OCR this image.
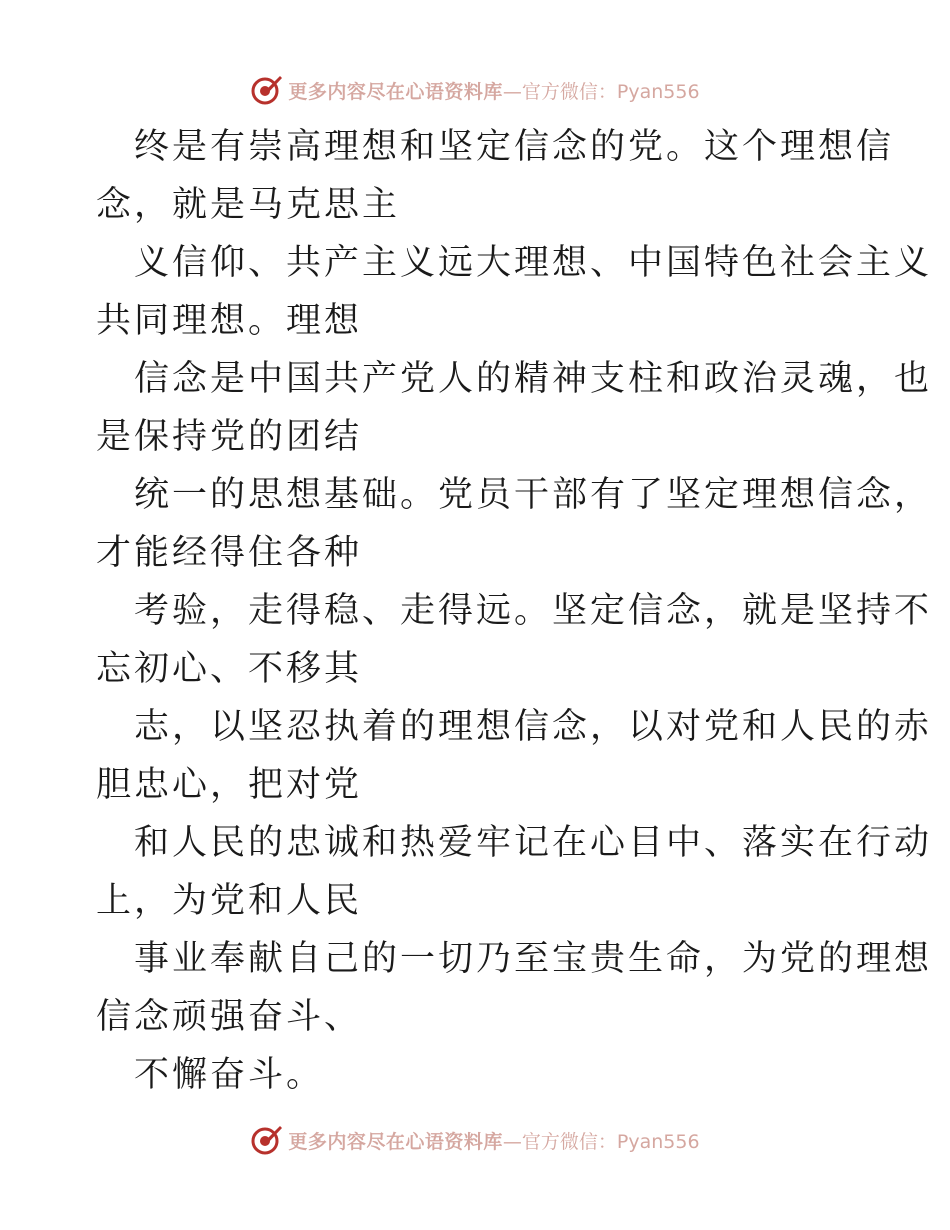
更多内容尽在心语资料库 —官方微信：Pyan556
终是有崇高理想和坚定信念的党。这个理想信
念，就是马克思主
义信仰、共产主义远大理想、中国特色社会主义
共同理想。理想
信念是中国共产党人的精神支柱和政治灵魂，也
是保持党的团结
统一的思想基础。党员干部有了坚定理想信念，
才能经得住各种
考验，走得稳、走得远。坚定信念，就是坚持不
忘初心、不移其
志，以坚忍执着的理想信念，以对党和人民的赤
胆忠心，把对党
和人民的忠诚和热爱牢记在心目中、落实在行动
上，为党和人民
事业奉献自己的一切乃至宝贵生命，为党的理想
信念顽强奋斗、
不懈奋斗。
更多内容尽在心语资料库 —官方微信：Pyan556
